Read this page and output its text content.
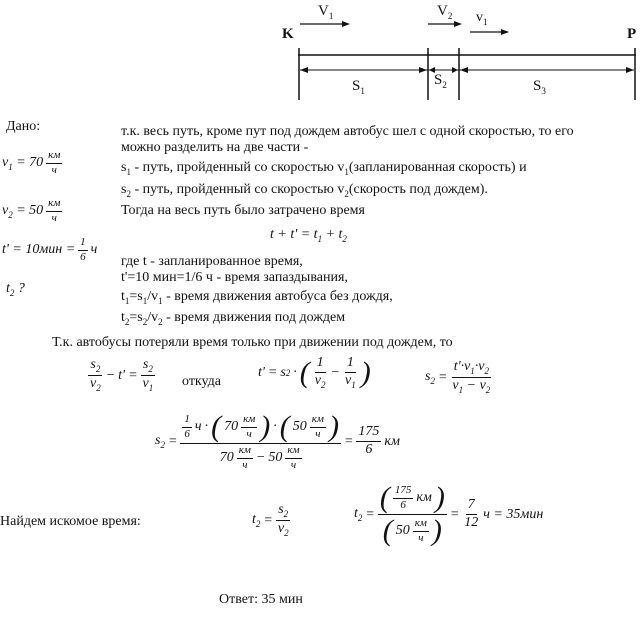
K	P
$V_1$	$V_2$ $v_1$
$S_1$
$S_2$	$S_3$
Дано:
$v_1 = 70 \frac{км}{ч}$
$v_2 = 50 \frac{км}{ч}$
$t' = 10мин = \frac{1}{6}$ ч
$t_2$ ?
т.к. весь путь, кроме пут под дождем автобус шел с одной скоростью, то его
можно разделить на две части -
$s_1$ - путь, пройденный со скоростью $v_1(запланированная$ скорость) и
$s_2$ - путь, пройденный со скоростью $v_2(скорость$ под дождем).
Тогда на весь путь было затрачено время
$t + t' = t_1 + t_2$
где t - запланированное время,
t'=10 мин=1/6 ч - время запаздывания,
$t_1=s_1/v_1$ - время движения автобуса без дождя,
$t_2=s_2/v_2$ - время движения под дождем
Т.к. автобусы потеряли время только при движении под дождем, то
$\frac{s_2}{v_2} - t' = \frac{s_2}{v_1}$ откуда
t' = s 2 · ( $\frac{1}{v_2} - \frac{1}{v_1}$ )	$s_2 = \frac{t'\cdot v_1\cdot v_2}{v_1 - v_2}$
$s_2 = \frac{\frac{1}{6} ч \cdot ( 70 \frac{км}{ч} ) \cdot ( 50 \frac{км}{ч} )}{70 \frac{км}{ч} - 50 \frac{км}{ч}} = \frac{175}{6}$ км
Найдем искомое время:	$t_2 = \frac{s_2}{v_2}$	$t_2 = \frac{( \frac{175}{6} км )}{( 50 \frac{км}{ч} )} = \frac{7}{12}$ ч = 35мин
Ответ: 35 мин
